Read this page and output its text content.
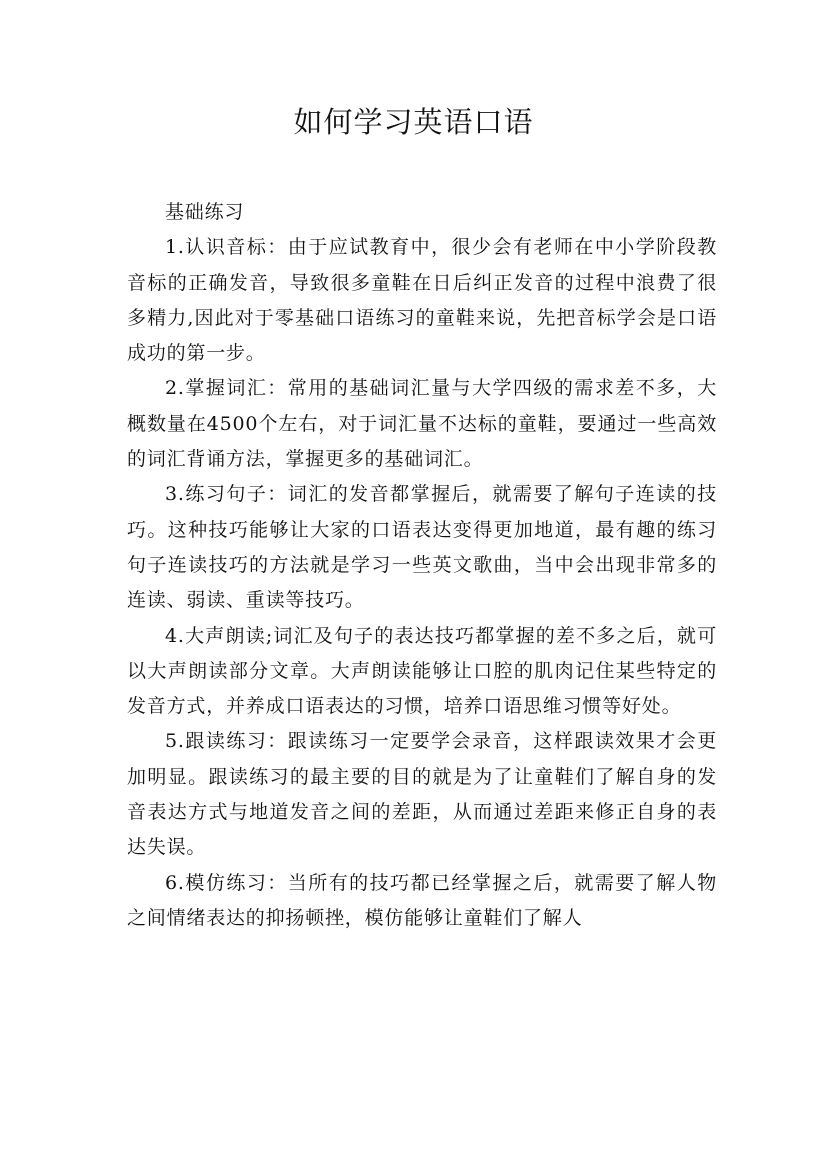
如何学习英语口语

基础练习

1.认识音标：由于应试教育中，很少会有老师在中小学阶段教音标的正确发音，导致很多童鞋在日后纠正发音的过程中浪费了很多精力,因此对于零基础口语练习的童鞋来说，先把音标学会是口语成功的第一步。

2.掌握词汇：常用的基础词汇量与大学四级的需求差不多，大概数量在4500个左右，对于词汇量不达标的童鞋，要通过一些高效的词汇背诵方法，掌握更多的基础词汇。

3.练习句子：词汇的发音都掌握后，就需要了解句子连读的技巧。这种技巧能够让大家的口语表达变得更加地道，最有趣的练习句子连读技巧的方法就是学习一些英文歌曲，当中会出现非常多的连读、弱读、重读等技巧。

4.大声朗读;词汇及句子的表达技巧都掌握的差不多之后，就可以大声朗读部分文章。大声朗读能够让口腔的肌肉记住某些特定的发音方式，并养成口语表达的习惯，培养口语思维习惯等好处。

5.跟读练习：跟读练习一定要学会录音，这样跟读效果才会更加明显。跟读练习的最主要的目的就是为了让童鞋们了解自身的发音表达方式与地道发音之间的差距，从而通过差距来修正自身的表达失误。

6.模仿练习：当所有的技巧都已经掌握之后，就需要了解人物之间情绪表达的抑扬顿挫，模仿能够让童鞋们了解人
